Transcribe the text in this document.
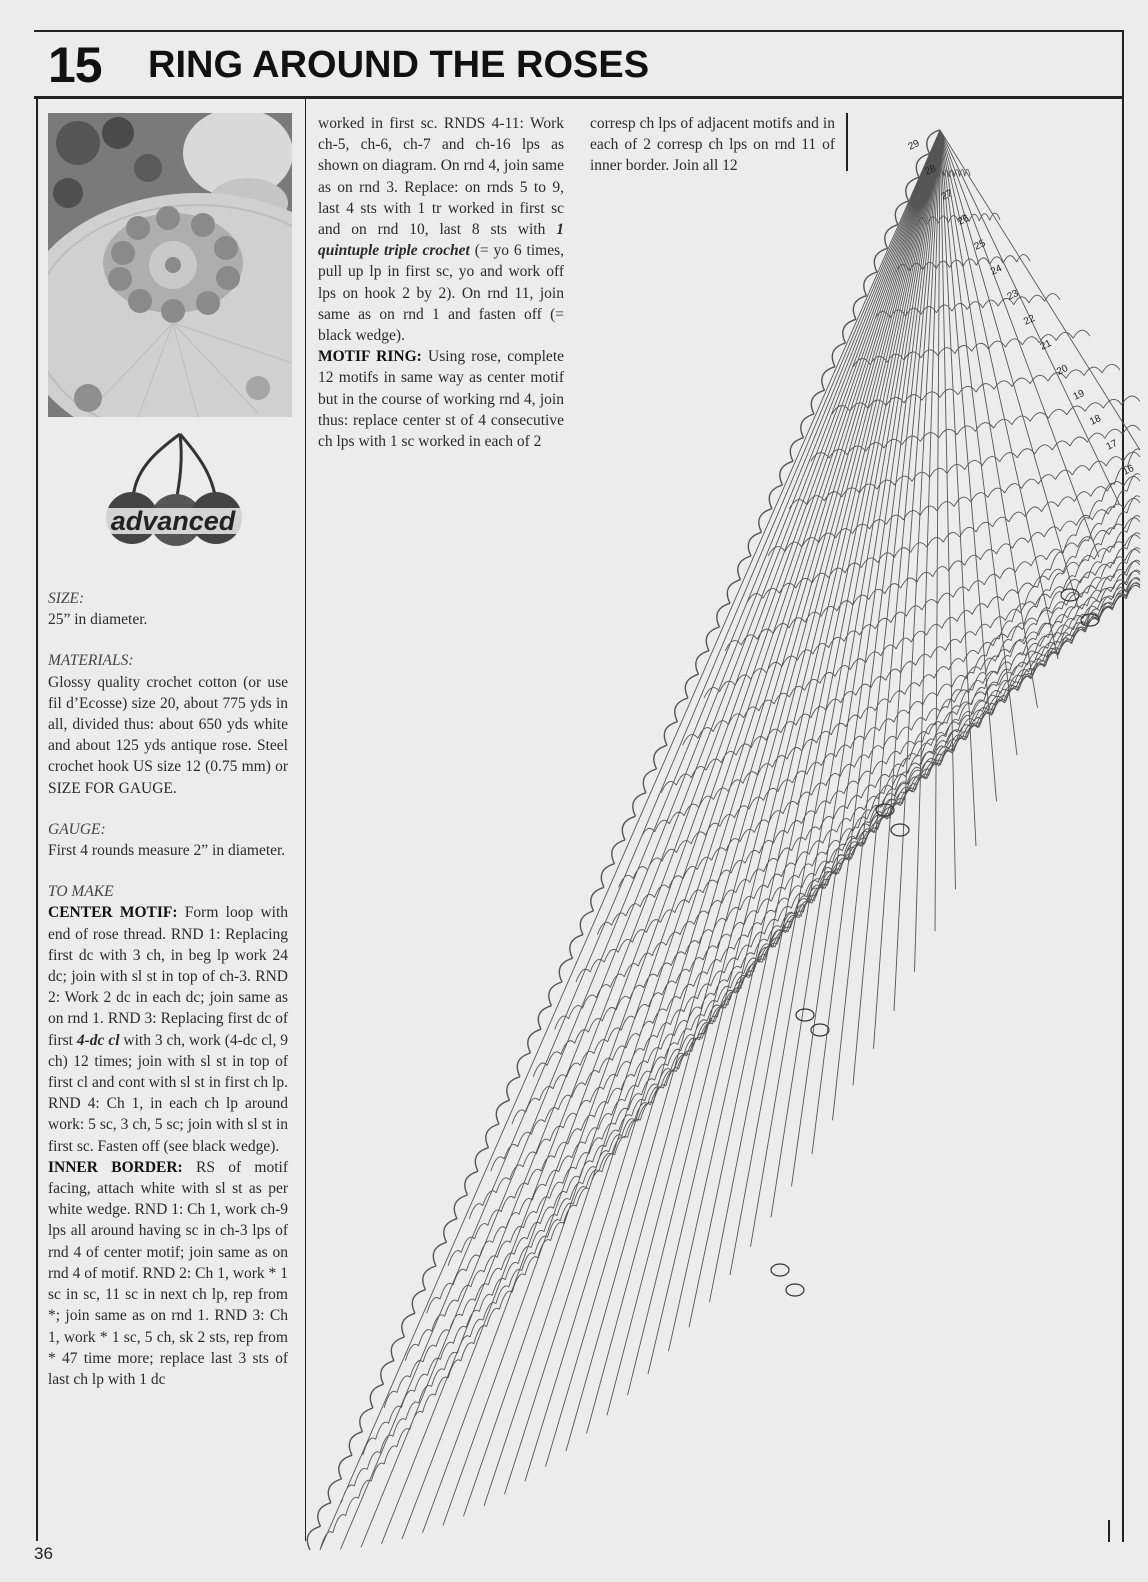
15 RING AROUND THE ROSES
advanced
SIZE:

25” in diameter.

MATERIALS:

Glossy quality crochet cotton (or use fil d’Ecosse) size 20, about 775 yds in all, divided thus: about 650 yds white and about 125 yds antique rose. Steel crochet hook US size 12 (0.75 mm) or SIZE FOR GAUGE.

GAUGE:

First 4 rounds measure 2” in diameter.

TO MAKE

CENTER MOTIF: Form loop with end of rose thread. RND 1: Replacing first dc with 3 ch, in beg lp work 24 dc; join with sl st in top of ch-3. RND 2: Work 2 dc in each dc; join same as on rnd 1. RND 3: Replacing first dc of first 4-dc cl with 3 ch, work (4-dc cl, 9 ch) 12 times; join with sl st in top of first cl and cont with sl st in first ch lp. RND 4: Ch 1, in each ch lp around work: 5 sc, 3 ch, 5 sc; join with sl st in first sc. Fasten off (see black wedge).

INNER BORDER: RS of motif facing, attach white with sl st as per white wedge. RND 1: Ch 1, work ch-9 lps all around having sc in ch-3 lps of rnd 4 of center motif; join same as on rnd 4 of motif. RND 2: Ch 1, work * 1 sc in sc, 11 sc in next ch lp, rep from *; join same as on rnd 1. RND 3: Ch 1, work * 1 sc, 5 ch, sk 2 sts, rep from * 47 time more; replace last 3 sts of last ch lp with 1 dc

worked in first sc. RNDS 4-11: Work ch-5, ch-6, ch-7 and ch-16 lps as shown on diagram. On rnd 4, join same as on rnd 3. Replace: on rnds 5 to 9, last 4 sts with 1 tr worked in first sc and on rnd 10, last 8 sts with 1 quintuple triple crochet (= yo 6 times, pull up lp in first sc, yo and work off lps on hook 2 by 2). On rnd 11, join same as on rnd 1 and fasten off (= black wedge).

MOTIF RING: Using rose, complete 12 motifs in same way as center motif but in the course of working rnd 4, join thus: replace center st of 4 consecutive ch lps with 1 sc worked in each of 2

corresp ch lps of adjacent motifs and in each of 2 corresp ch lps on rnd 11 of inner border. Join all 12

29
28
27
26
25
24
23
22
21
20
19
18
17
16
36
